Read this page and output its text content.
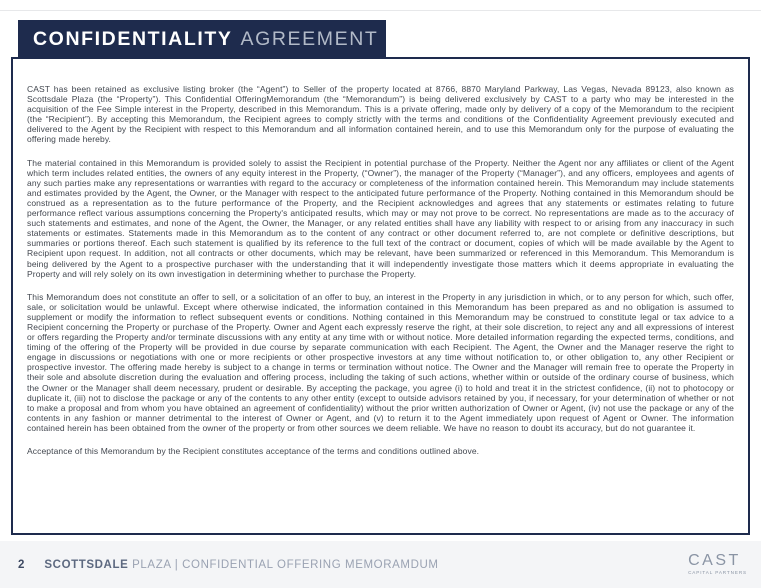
CONFIDENTIALITY AGREEMENT

CAST has been retained as exclusive listing broker (the “Agent”) to Seller of the property located at 8766, 8870 Maryland Parkway, Las Vegas, Nevada 89123, also known as Scottsdale Plaza (the “Property”). This Confidential OfferingMemorandum (the “Memorandum”) is being delivered exclusively by CAST to a party who may be interested in the acquisition of the Fee Simple interest in the Property, described in this Memorandum. This is a private offering, made only by delivery of a copy of the Memorandum to the recipient (the “Recipient”). By accepting this Memorandum, the Recipient agrees to comply strictly with the terms and conditions of the Confidentiality Agreement previously executed and delivered to the Agent by the Recipient with respect to this Memorandum and all information contained herein, and to use this Memorandum only for the purpose of evaluating the offering made hereby.

The material contained in this Memorandum is provided solely to assist the Recipient in potential purchase of the Property. Neither the Agent nor any affiliates or client of the Agent which term includes related entities, the owners of any equity interest in the Property, (“Owner”), the manager of the Property (“Manager”), and any officers, employees and agents of any such parties make any representations or warranties with regard to the accuracy or completeness of the information contained herein. This Memorandum may include statements and estimates provided by the Agent, the Owner, or the Manager with respect to the anticipated future performance of the Property. Nothing contained in this Memorandum should be construed as a representation as to the future performance of the Property, and the Recipient acknowledges and agrees that any statements or estimates relating to future performance reflect various assumptions concerning the Property's anticipated results, which may or may not prove to be correct. No representations are made as to the accuracy of such statements and estimates, and none of the Agent, the Owner, the Manager, or any related entities shall have any liability with respect to or arising from any inaccuracy in such statements or estimates. Statements made in this Memorandum as to the content of any contract or other document referred to, are not complete or definitive descriptions, but summaries or portions thereof. Each such statement is qualified by its reference to the full text of the contract or document, copies of which will be made available by the Agent to Recipient upon request. In addition, not all contracts or other documents, which may be relevant, have been summarized or referenced in this Memorandum. This Memorandum is being delivered by the Agent to a prospective purchaser with the understanding that it will independently investigate those matters which it deems appropriate in evaluating the Property and will rely solely on its own investigation in determining whether to purchase the Property.

This Memorandum does not constitute an offer to sell, or a solicitation of an offer to buy, an interest in the Property in any jurisdiction in which, or to any person for which, such offer, sale, or solicitation would be unlawful. Except where otherwise indicated, the information contained in this Memorandum has been prepared as and no obligation is assumed to supplement or modify the information to reflect subsequent events or conditions. Nothing contained in this Memorandum may be construed to constitute legal or tax advice to a Recipient concerning the Property or purchase of the Property. Owner and Agent each expressly reserve the right, at their sole discretion, to reject any and all expressions of interest or offers regarding the Property and/or terminate discussions with any entity at any time with or without notice. More detailed information regarding the expected terms, conditions, and timing of the offering of the Property will be provided in due course by separate communication with each Recipient. The Agent, the Owner and the Manager reserve the right to engage in discussions or negotiations with one or more recipients or other prospective investors at any time without notification to, or other obligation to, any other Recipient or prospective investor. The offering made hereby is subject to a change in terms or termination without notice. The Owner and the Manager will remain free to operate the Property in their sole and absolute discretion during the evaluation and offering process, including the taking of such actions, whether within or outside of the ordinary course of business, which the Owner or the Manager shall deem necessary, prudent or desirable. By accepting the package, you agree (i) to hold and treat it in the strictest confidence, (ii) not to photocopy or duplicate it, (iii) not to disclose the package or any of the contents to any other entity (except to outside advisors retained by you, if necessary, for your determination of whether or not to make a proposal and from whom you have obtained an agreement of confidentiality) without the prior written authorization of Owner or Agent, (iv) not use the package or any of the contents in any fashion or manner detrimental to the interest of Owner or Agent, and (v) to return it to the Agent immediately upon request of Agent or Owner. The information contained herein has been obtained from the owner of the property or from other sources we deem reliable. We have no reason to doubt its accuracy, but do not guarantee it.

Acceptance of this Memorandum by the Recipient constitutes acceptance of the terms and conditions outlined above.

2 SCOTTSDALE PLAZA | CONFIDENTIAL OFFERING MEMORAMDUM	CAST
CAPITAL PARTNERS
